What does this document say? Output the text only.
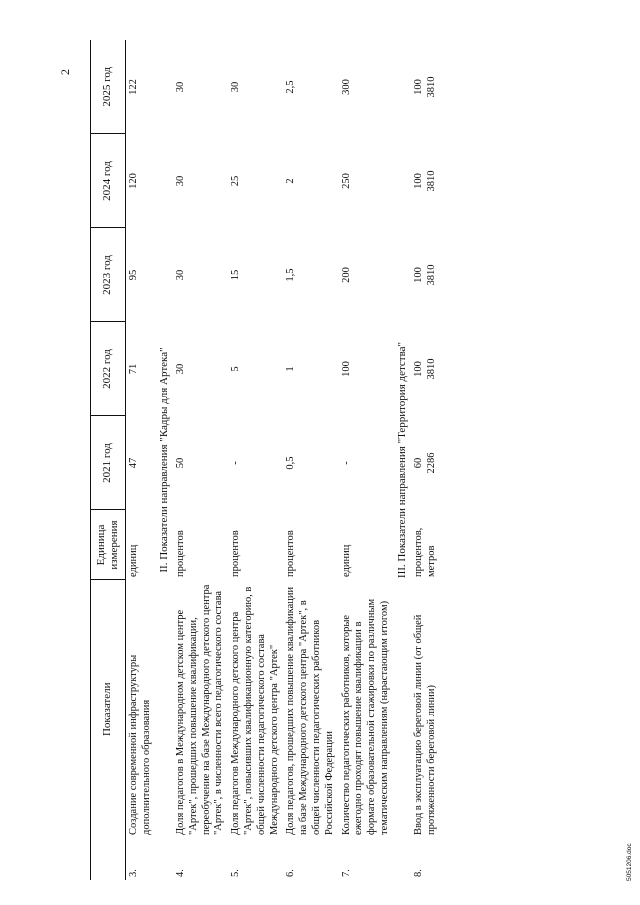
2
	Показатели	Единица измерения	2021 год	2022 год	2023 год	2024 год	2025 год
3.	Создание современной инфраструктуры дополнительного образования	единиц	47	71	95	120	122

II. Показатели направления "Кадры для Артека"							
4.	Доля педагогов в Международном детском центре "Артек", прошедших повышение квалификации, переобучение на базе Международного детского центра "Артек", в численности всего педагогического состава	процентов	50	30	30	30	30

5.	Доля педагогов Международного детского центра "Артек", повысивших квалификационную категорию, в общей численности педагогического состава Международного детского центра "Артек"	процентов	-	5	15	25	30

6.	Доля педагогов, прошедших повышение квалификации на базе Международного детского центра "Артек", в общей численности педагогических работников Российской Федерации	процентов	0,5	1	1,5	2	2,5

7.	Количество педагогических работников, которые ежегодно проходят повышение квалификации в формате образовательной стажировки по различным тематическим направлениям (нарастающим итогом)	единиц	-	100	200	250	300

III. Показатели направления "Территория детства"							
8.	Ввод в эксплуатацию береговой линии (от общей протяженности береговой линии)	процентов, метров	60 2286	100 3810	100 3810	100 3810	100 3810
5051206.doc
